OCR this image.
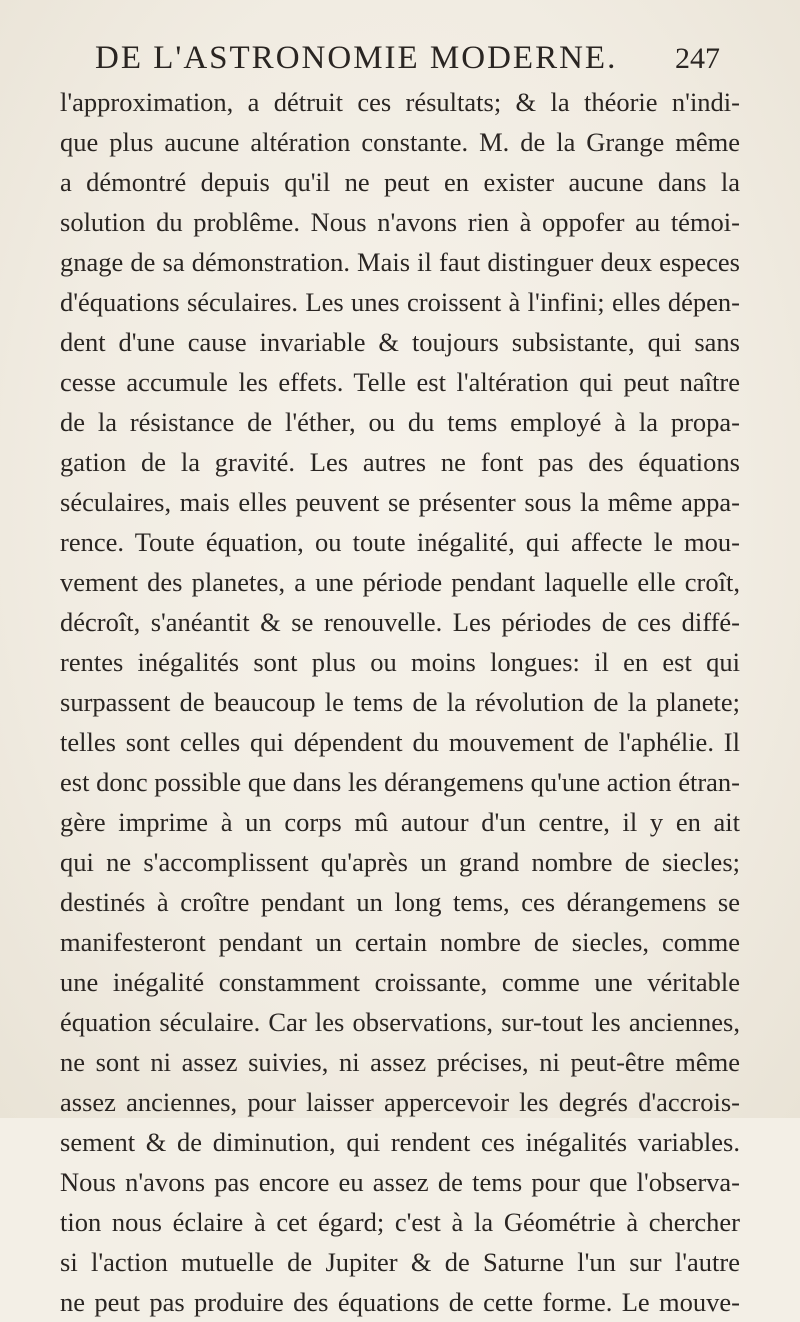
DE L'ASTRONOMIE MODERNE. 247
l'approximation, a détruit ces résultats; & la théorie n'indi-
que plus aucune altération constante. M. de la Grange même
a démontré depuis qu'il ne peut en exister aucune dans la
solution du problême. Nous n'avons rien à oppofer au témoi-
gnage de sa démonstration. Mais il faut distinguer deux especes
d'équations séculaires. Les unes croissent à l'infini; elles dépen-
dent d'une cause invariable & toujours subsistante, qui sans
cesse accumule les effets. Telle est l'altération qui peut naître
de la résistance de l'éther, ou du tems employé à la propa-
gation de la gravité. Les autres ne font pas des équations
séculaires, mais elles peuvent se présenter sous la même appa-
rence. Toute équation, ou toute inégalité, qui affecte le mou-
vement des planetes, a une période pendant laquelle elle croît,
décroît, s'anéantit & se renouvelle. Les périodes de ces diffé-
rentes inégalités sont plus ou moins longues: il en est qui
surpassent de beaucoup le tems de la révolution de la planete;
telles sont celles qui dépendent du mouvement de l'aphélie. Il
est donc possible que dans les dérangemens qu'une action étran-
gère imprime à un corps mû autour d'un centre, il y en ait
qui ne s'accomplissent qu'après un grand nombre de siecles;
destinés à croître pendant un long tems, ces dérangemens se
manifesteront pendant un certain nombre de siecles, comme
une inégalité constamment croissante, comme une véritable
équation séculaire. Car les observations, sur-tout les anciennes,
ne sont ni assez suivies, ni assez précises, ni peut-être même
assez anciennes, pour laisser appercevoir les degrés d'accrois-
sement & de diminution, qui rendent ces inégalités variables.
Nous n'avons pas encore eu assez de tems pour que l'observa-
tion nous éclaire à cet égard; c'est à la Géométrie à chercher
si l'action mutuelle de Jupiter & de Saturne l'un sur l'autre
ne peut pas produire des équations de cette forme. Le mouve-
